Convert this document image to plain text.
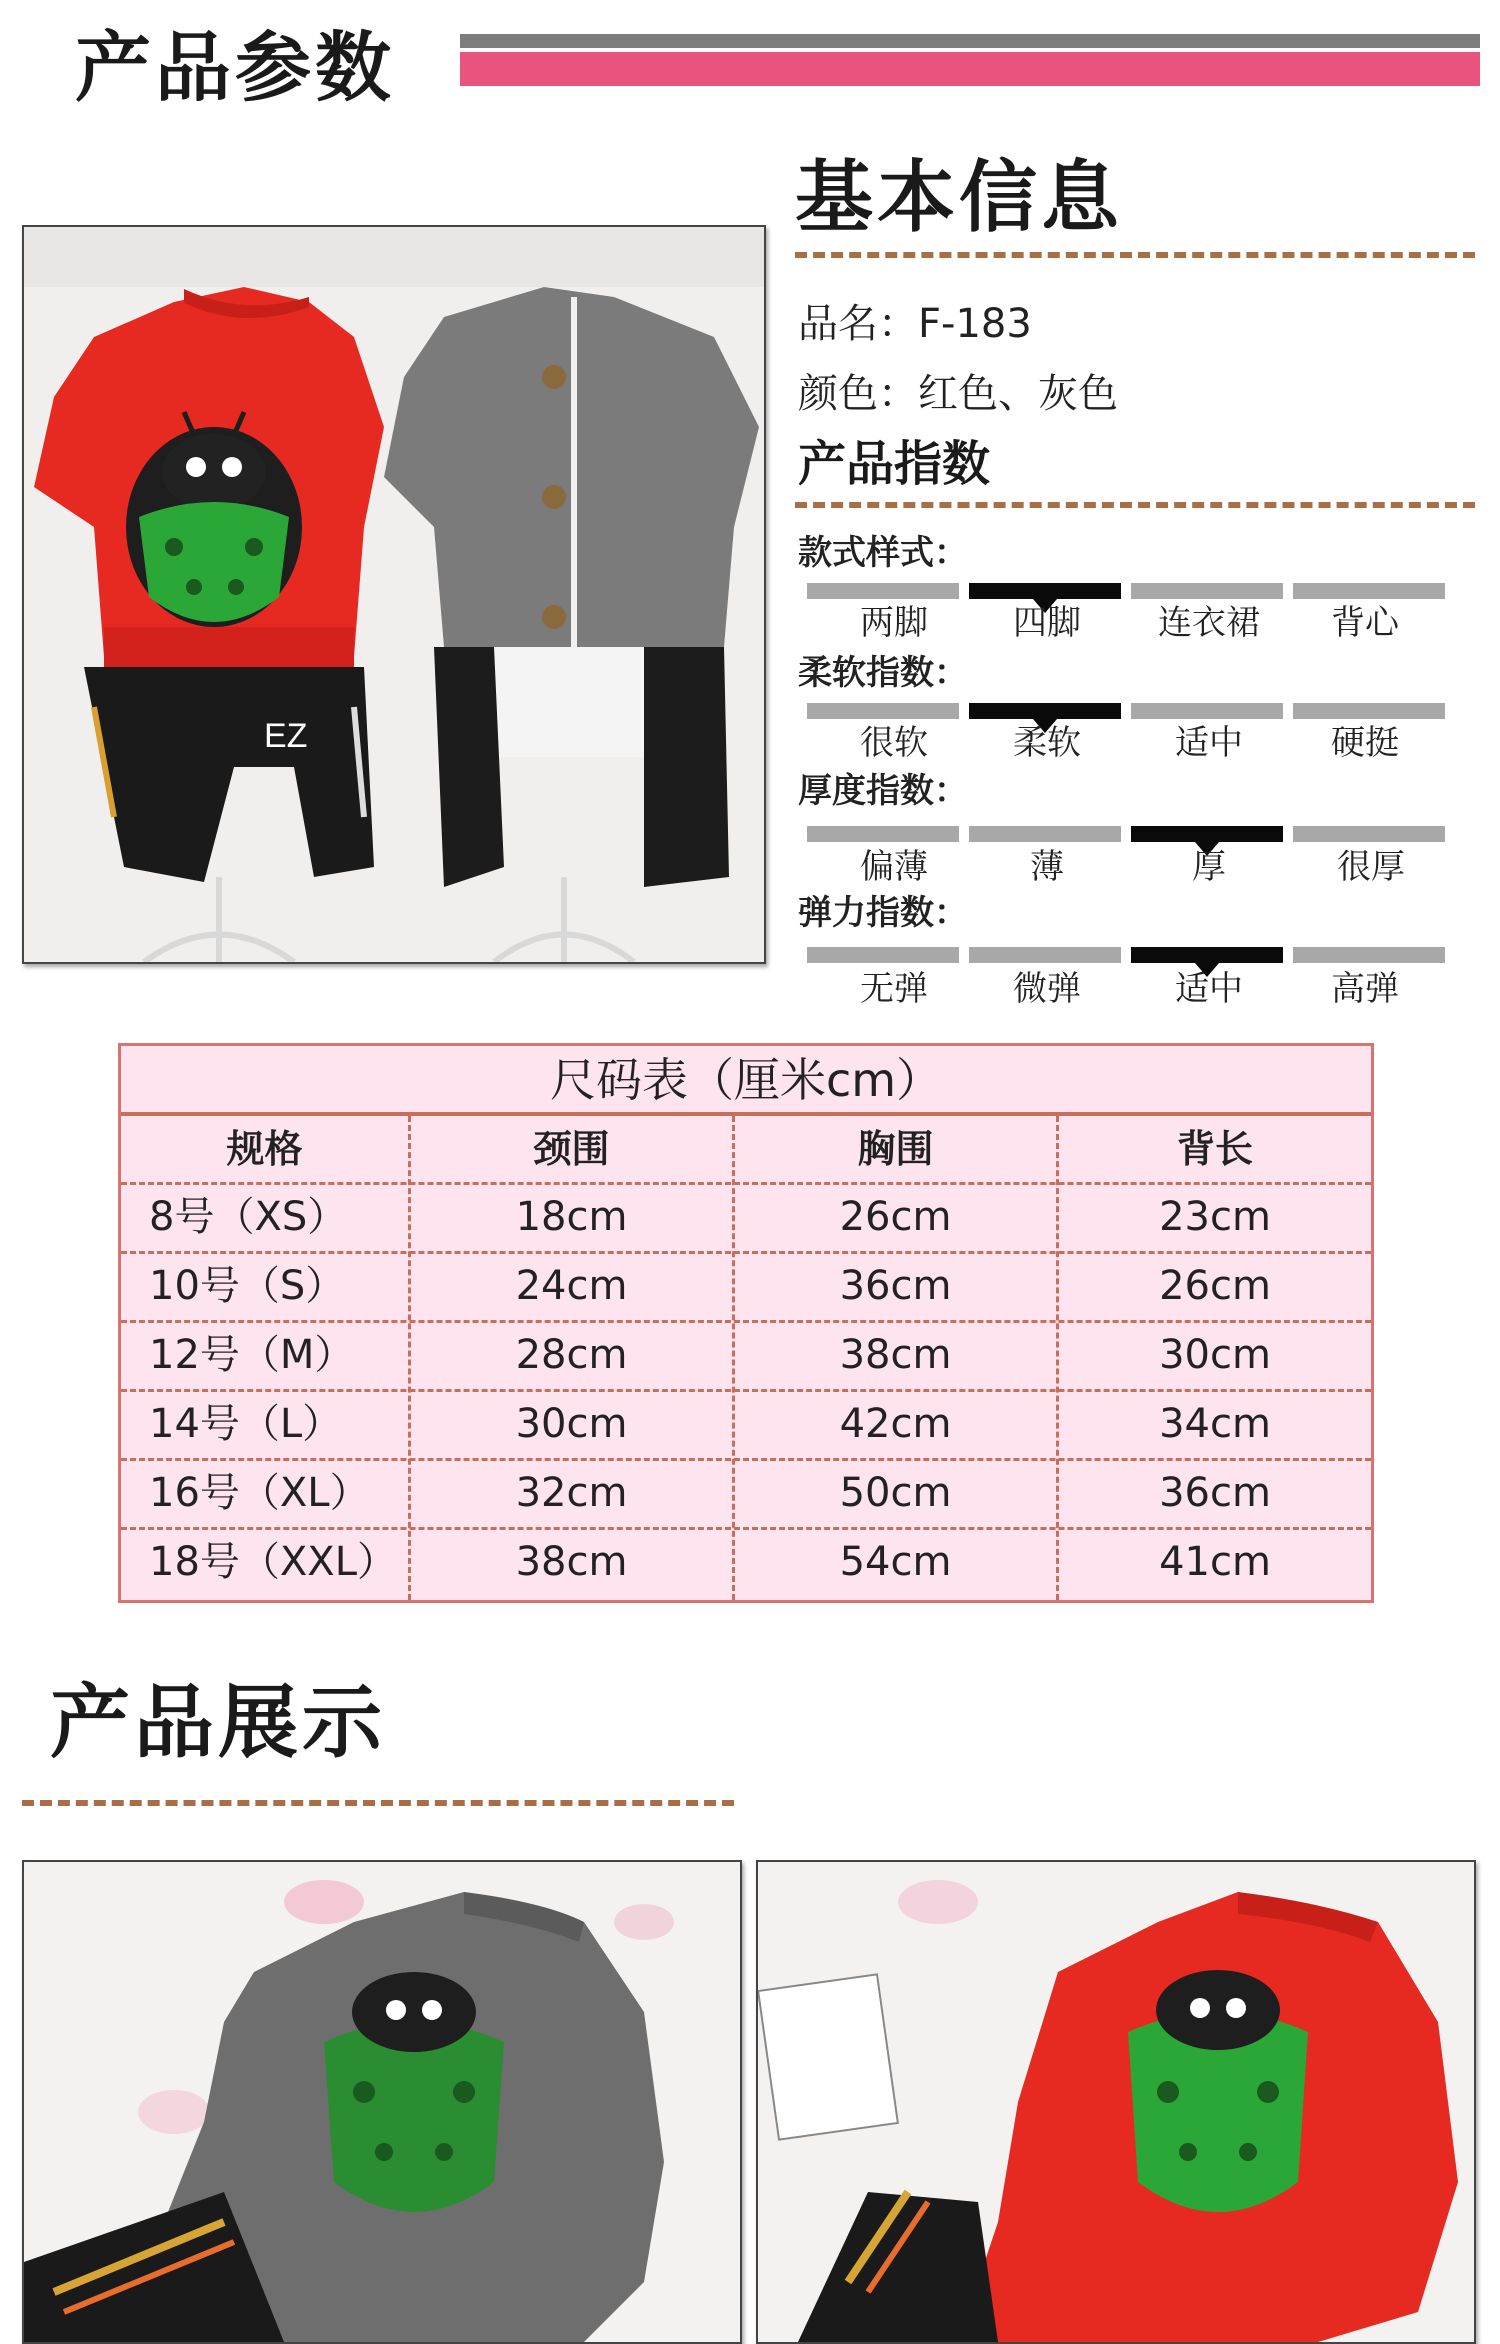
产品参数
EZ
基本信息
品名：F-183
颜色：红色、灰色
产品指数
款式样式：
两脚	四脚	连衣裙	背心
柔软指数：
很软	柔软	适中	硬挺
厚度指数：
偏薄	薄	厚	很厚
弹力指数：
无弹	微弹	适中	高弹
尺码表（厘米cm）
规格	颈围	胸围	背长
8号（XS）	18cm	26cm	23cm
10号（S）	24cm	36cm	26cm
12号（M）	28cm	38cm	30cm
14号（L）	30cm	42cm	34cm
16号（XL）	32cm	50cm	36cm
18号（XXL）	38cm	54cm	41cm
产品展示
